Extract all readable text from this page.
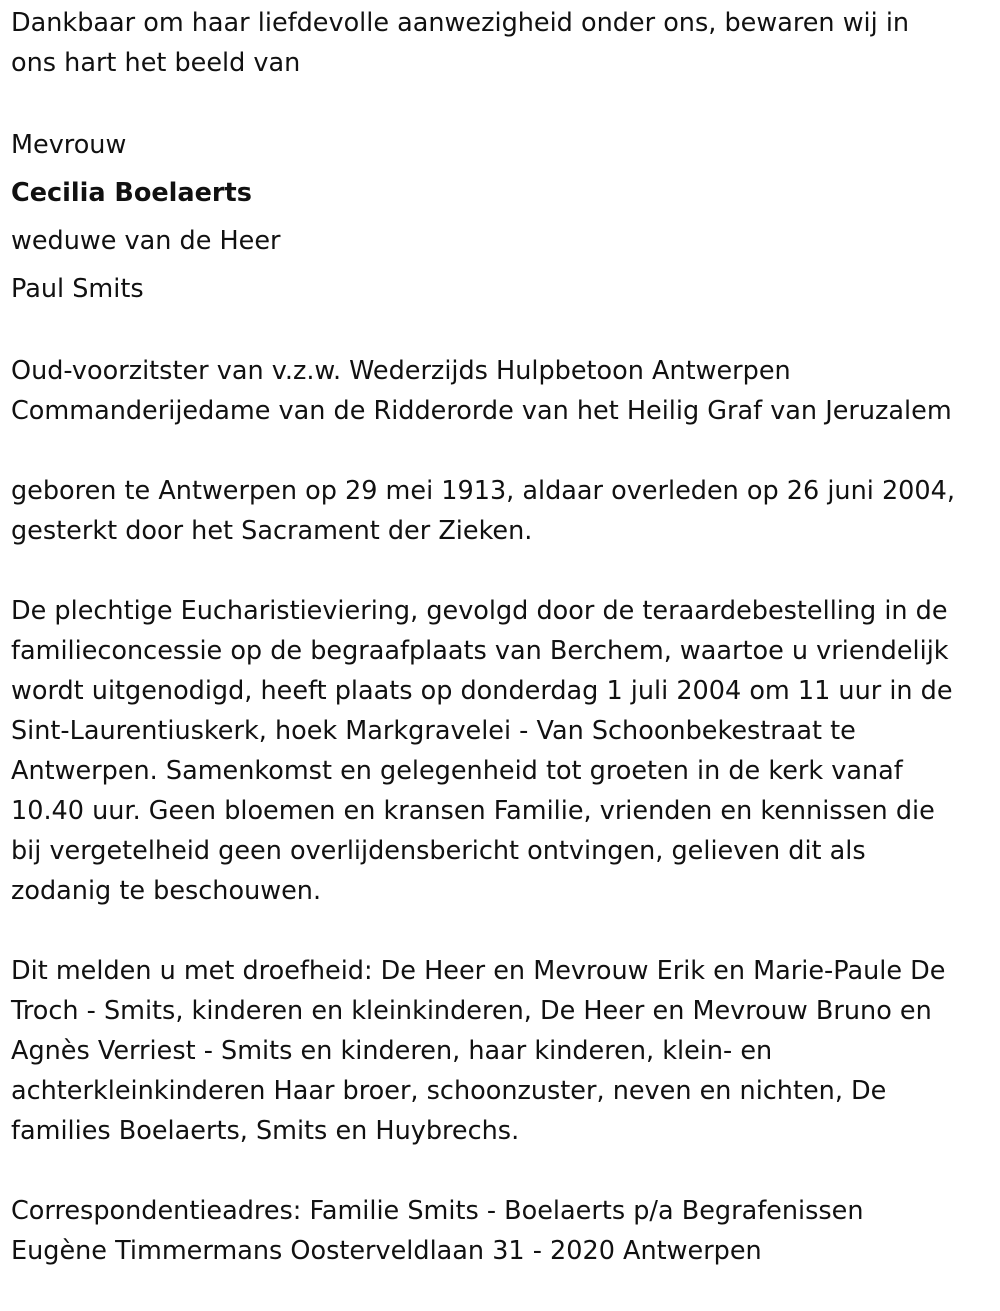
Dankbaar om haar liefdevolle aanwezigheid onder ons, bewaren wij in
ons hart het beeld van
Mevrouw
Cecilia Boelaerts
weduwe van de Heer
Paul Smits
Oud-voorzitster van v.z.w. Wederzijds Hulpbetoon Antwerpen
Commanderijedame van de Ridderorde van het Heilig Graf van Jeruzalem
geboren te Antwerpen op 29 mei 1913, aldaar overleden op 26 juni 2004,
gesterkt door het Sacrament der Zieken.
De plechtige Eucharistieviering, gevolgd door de teraardebestelling in de
familieconcessie op de begraafplaats van Berchem, waartoe u vriendelijk
wordt uitgenodigd, heeft plaats op donderdag 1 juli 2004 om 11 uur in de
Sint-Laurentiuskerk, hoek Markgravelei - Van Schoonbekestraat te
Antwerpen. Samenkomst en gelegenheid tot groeten in de kerk vanaf
10.40 uur. Geen bloemen en kransen Familie, vrienden en kennissen die
bij vergetelheid geen overlijdensbericht ontvingen, gelieven dit als
zodanig te beschouwen.
Dit melden u met droefheid: De Heer en Mevrouw Erik en Marie-Paule De
Troch - Smits, kinderen en kleinkinderen, De Heer en Mevrouw Bruno en
Agnès Verriest - Smits en kinderen, haar kinderen, klein- en
achterkleinkinderen Haar broer, schoonzuster, neven en nichten, De
families Boelaerts, Smits en Huybrechs.
Correspondentieadres: Familie Smits - Boelaerts p/a Begrafenissen
Eugène Timmermans Oosterveldlaan 31 - 2020 Antwerpen
